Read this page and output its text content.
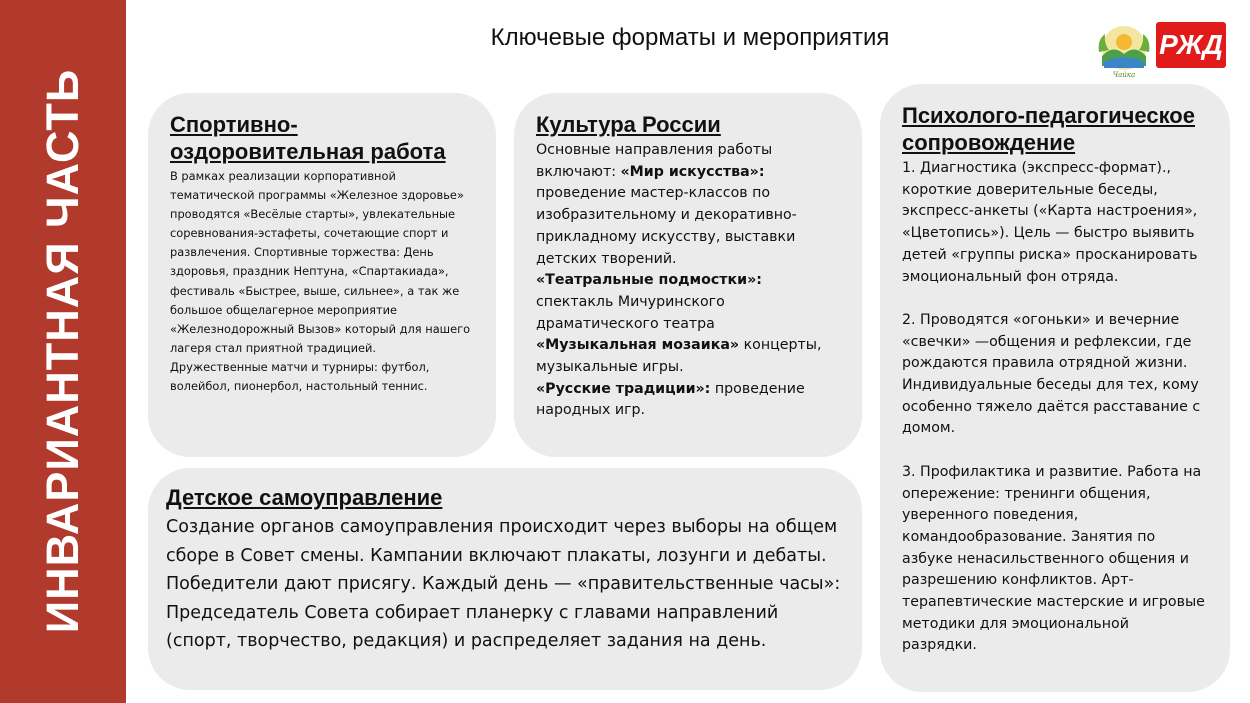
ИНВАРИАНТНАЯ ЧАСТЬ
Ключевые форматы и мероприятия
Чайка
РЖД
Спортивно-оздоровительная работа

В рамках реализации корпоративной тематической программы «Железное здоровье» проводятся «Весёлые старты», увлекательные соревнования-эстафеты, сочетающие спорт и развлечения. Спортивные торжества: День здоровья, праздник Нептуна, «Спартакиада», фестиваль «Быстрее, выше, сильнее», а так же большое общелагерное мероприятие «Железнодорожный Вызов» который для нашего лагеря стал приятной традицией. Дружественные матчи и турниры: футбол, волейбол, пионербол, настольный теннис.

Культура России

Основные направления работы включают: «Мир искусства»: проведение мастер-классов по изобразительному и декоративно-прикладному искусству, выставки детских творений.
«Театральные подмостки»: спектакль Мичуринского драматического театра
«Музыкальная мозаика» концерты, музыкальные игры.
«Русские традиции»: проведение народных игр.

Психолого-педагогическое сопровождение

1. Диагностика (экспресс-формат)., короткие доверительные беседы, экспресс-анкеты («Карта настроения», «Цветопись»). Цель — быстро выявить детей «группы риска» просканировать эмоциональный фон отряда.

2. Проводятся «огоньки» и вечерние «свечки» —общения и рефлексии, где рождаются правила отрядной жизни. Индивидуальные беседы для тех, кому особенно тяжело даётся расставание с домом.

3. Профилактика и развитие. Работа на опережение: тренинги общения, уверенного поведения, командообразование. Занятия по азбуке ненасильственного общения и разрешению конфликтов. Арт-терапевтические мастерские и игровые методики для эмоциональной разрядки.

Детское самоуправление

Создание органов самоуправления происходит через выборы на общем сборе в Совет смены. Кампании включают плакаты, лозунги и дебаты. Победители дают присягу. Каждый день — «правительственные часы»: Председатель Совета собирает планерку с главами направлений (спорт, творчество, редакция) и распределяет задания на день.
